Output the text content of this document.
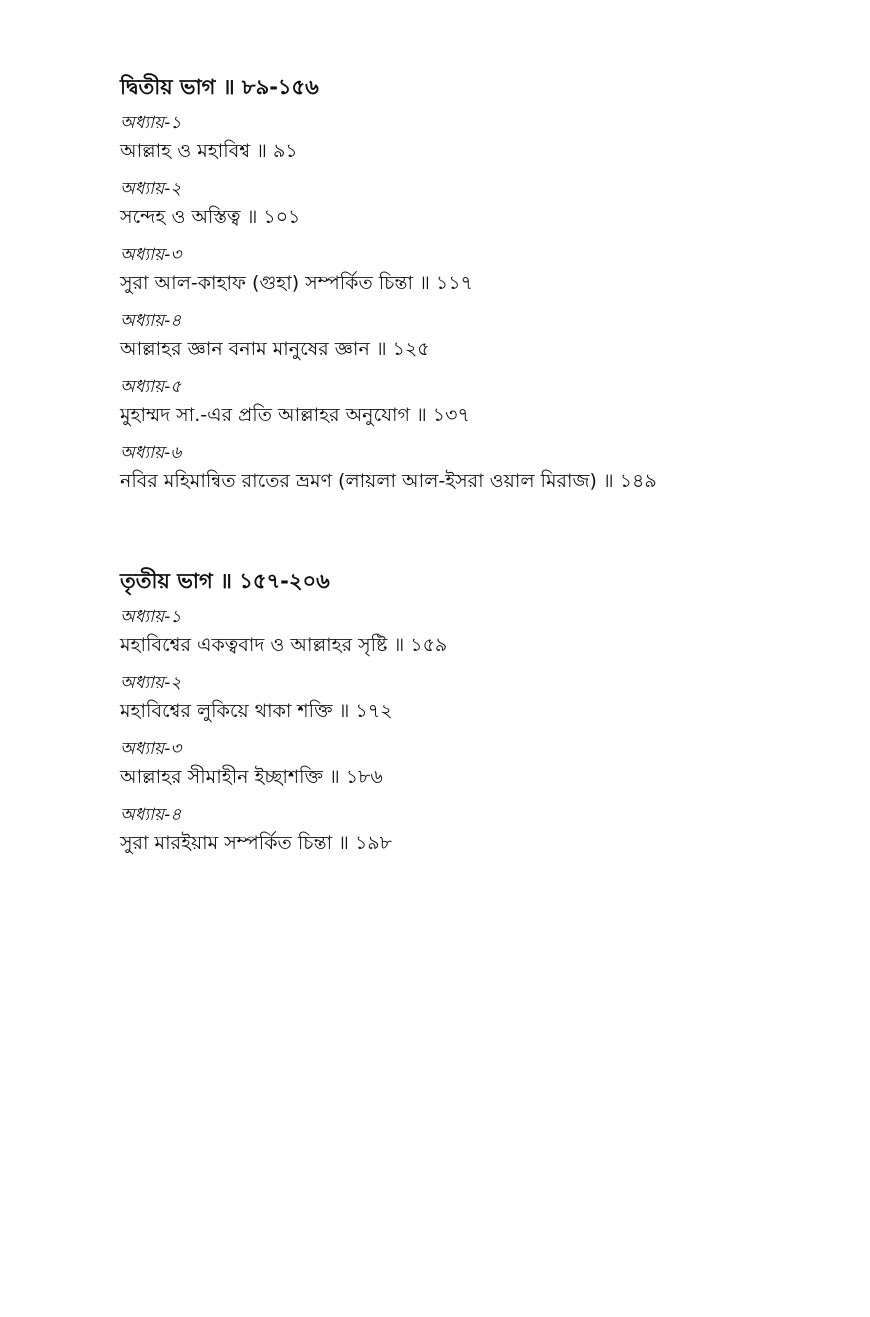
দ্বিতীয় ভাগ ॥ ৮৯-১৫৬
অধ্যায়-১
আল্লাহ ও মহাবিশ্ব ॥ ৯১
অধ্যায়-২
সন্দেহ ও অস্তিত্ব ॥ ১০১
অধ্যায়-৩
সুরা আল-কাহাফ (গুহা) সম্পর্কিত চিন্তা ॥ ১১৭
অধ্যায়-৪
আল্লাহর জ্ঞান বনাম মানুষের জ্ঞান ॥ ১২৫
অধ্যায়-৫
মুহাম্মদ সা.-এর প্রতি আল্লাহর অনুযোগ ॥ ১৩৭
অধ্যায়-৬
নবির মহিমান্বিত রাতের ভ্রমণ (লায়লা আল-ইসরা ওয়াল মিরাজ) ॥ ১৪৯
তৃতীয় ভাগ ॥ ১৫৭-২০৬
অধ্যায়-১
মহাবিশ্বের একত্ববাদ ও আল্লাহর সৃষ্টি ॥ ১৫৯
অধ্যায়-২
মহাবিশ্বের লুকিয়ে থাকা শক্তি ॥ ১৭২
অধ্যায়-৩
আল্লাহর সীমাহীন ইচ্ছাশক্তি ॥ ১৮৬
অধ্যায়-৪
সুরা মারইয়াম সম্পর্কিত চিন্তা ॥ ১৯৮
